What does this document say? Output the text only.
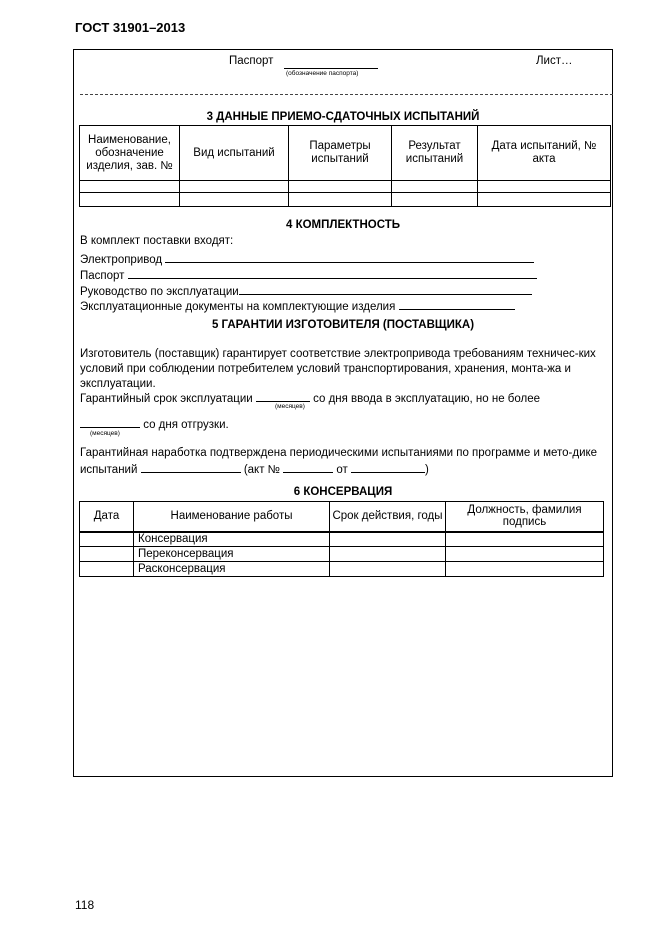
ГОСТ 31901–2013
Паспорт
(обозначение паспорта)
Лист…
3 ДАННЫЕ ПРИЕМО-СДАТОЧНЫХ ИСПЫТАНИЙ
Наименование, обозначение изделия, зав. №	Вид испытаний	Параметры испытаний	Результат испытаний	Дата испытаний, № акта

4 КОМПЛЕКТНОСТЬ
В комплект поставки входят:
Электропривод
Паспорт
Руководство по эксплуатации
Эксплуатационные документы на комплектующие изделия
5 ГАРАНТИИ ИЗГОТОВИТЕЛЯ (ПОСТАВЩИКА)
Изготовитель (поставщик) гарантирует соответствие электропривода требованиям техничес-ких условий при соблюдении потребителем условий транспортирования, хранения, монта-жа и эксплуатации.
Гарантийный срок эксплуатации	со дня ввода в эксплуатацию, но не более
(месяцев)
со дня отгрузки.
(месяцев)
Гарантийная наработка подтверждена периодическими испытаниями по программе и мето-дике испытаний	(акт №	от	)
6 КОНСЕРВАЦИЯ
Дата	Наименование работы	Срок действия, годы	Должность, фамилия подпись
	Консервация		
	Переконсервация		
	Расконсервация		
118
